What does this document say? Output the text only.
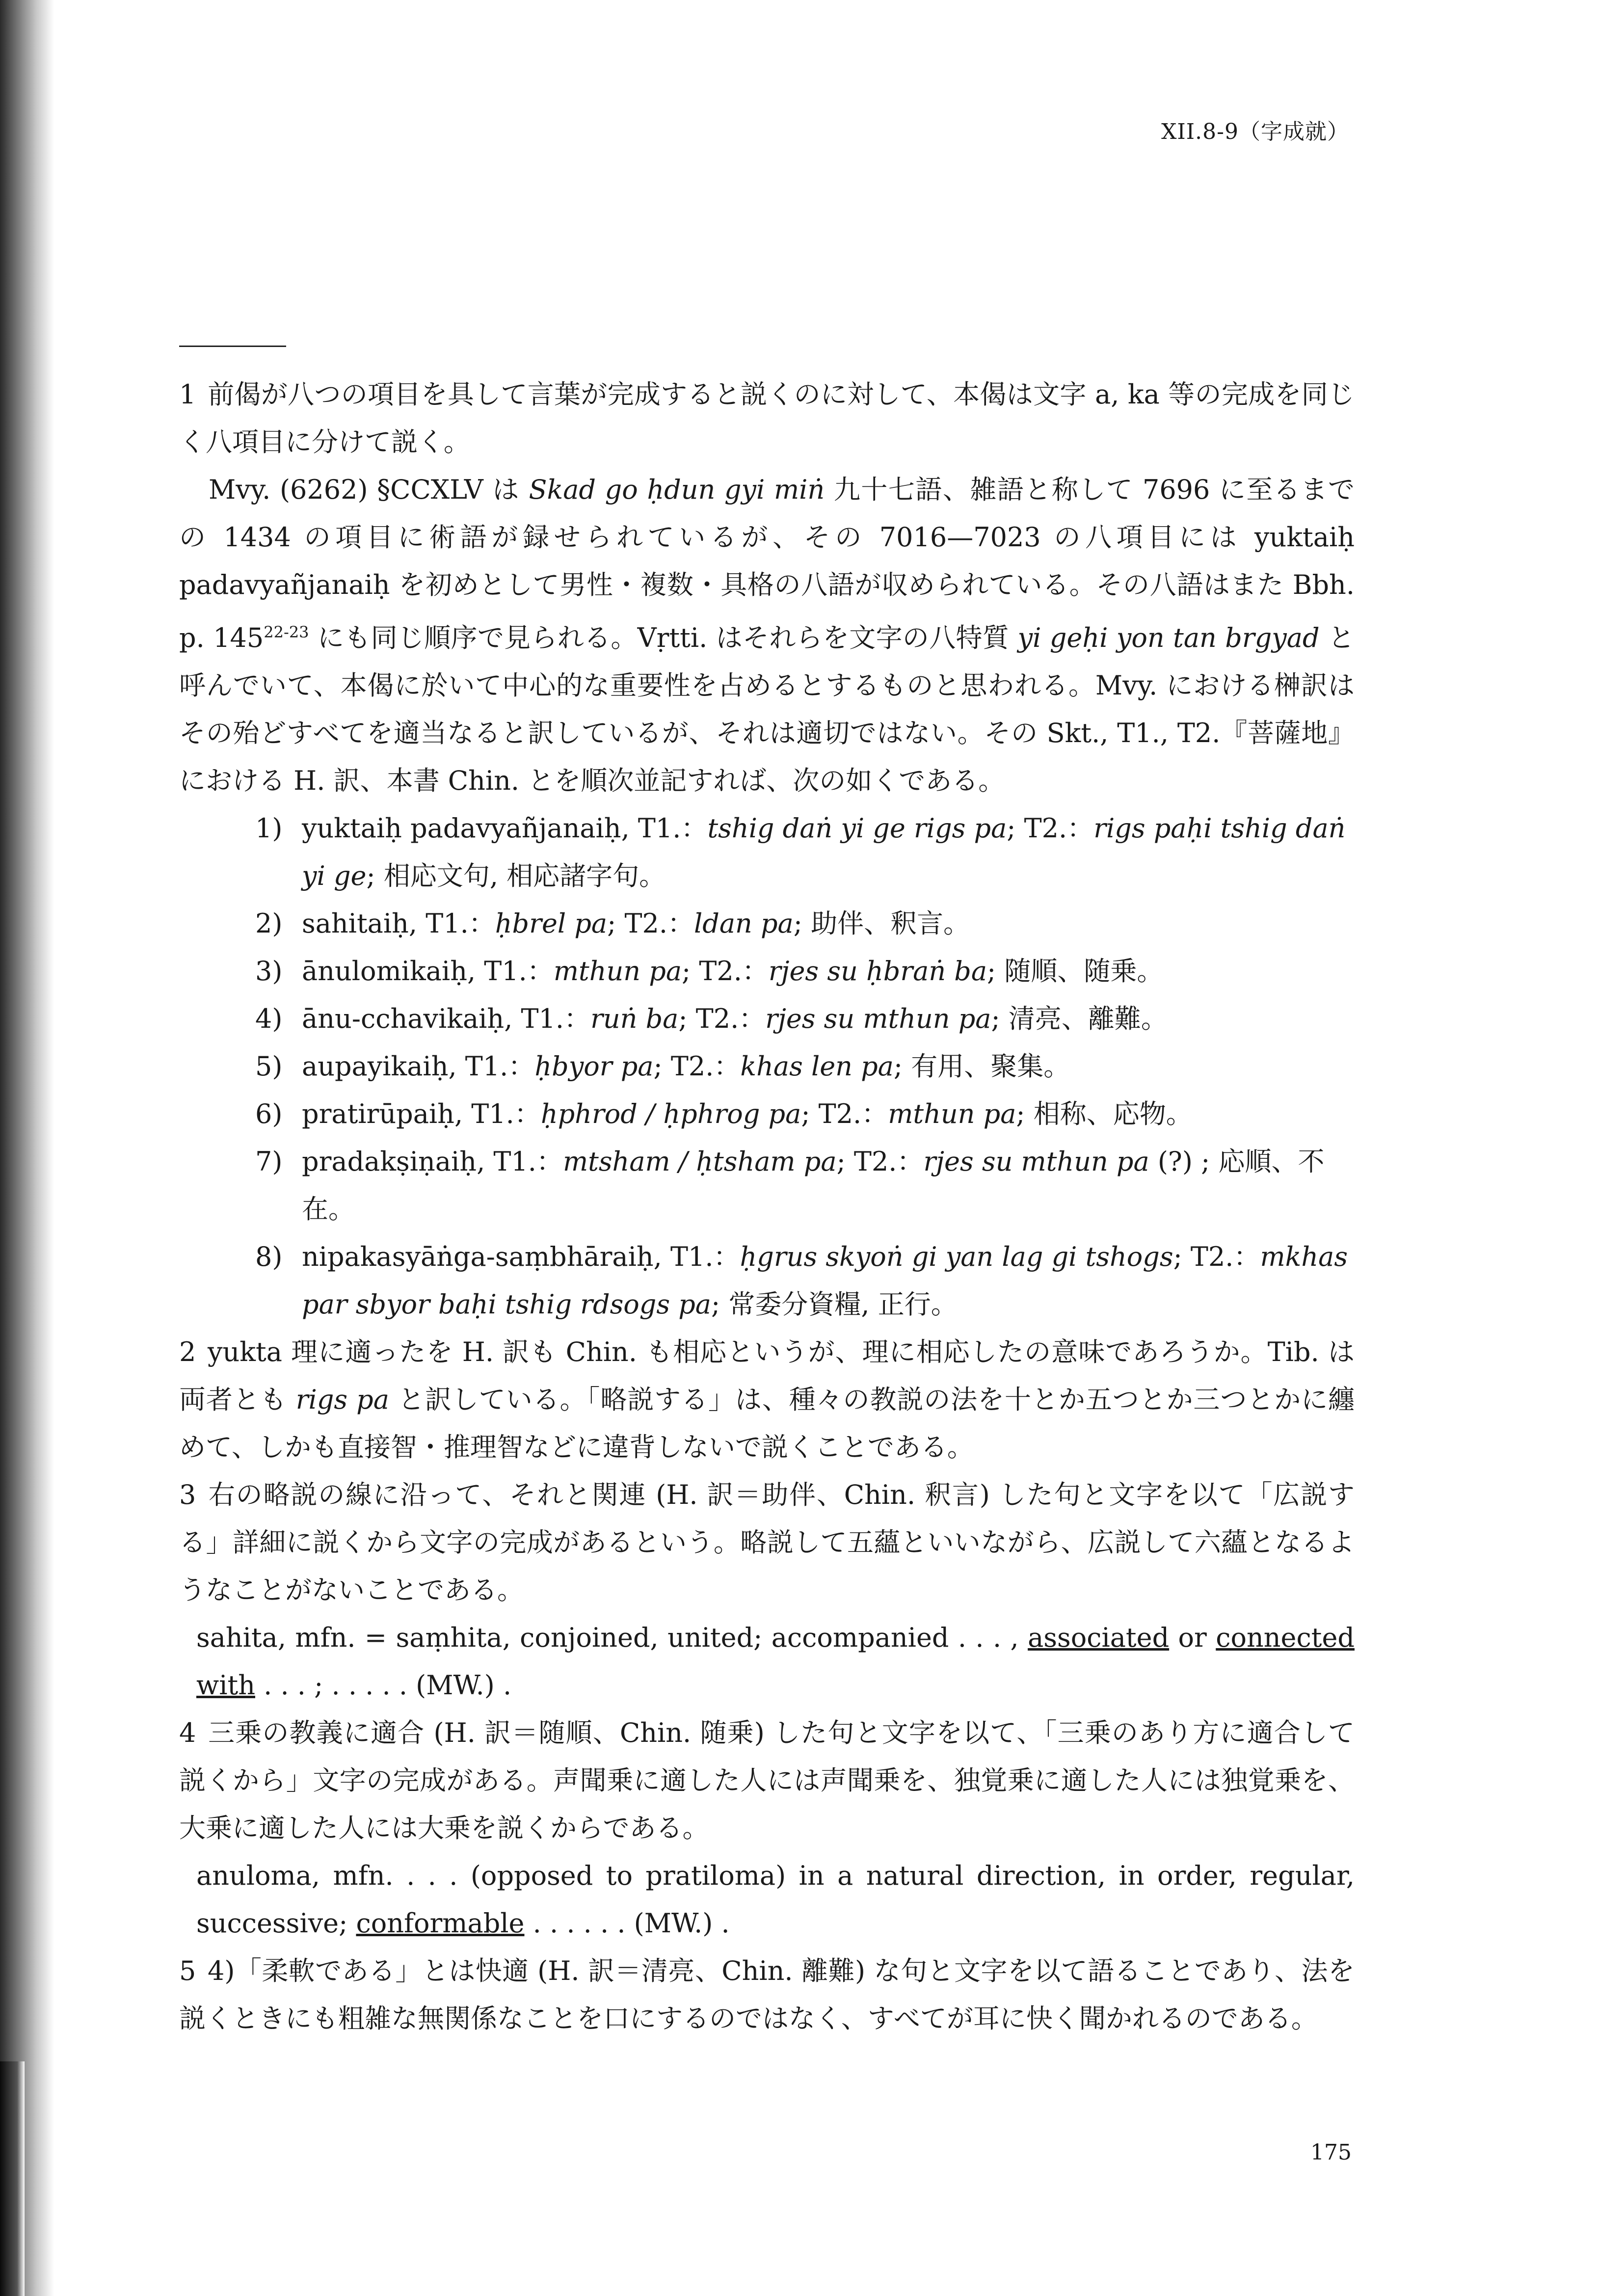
XII.8-9（字成就）

1 前偈が八つの項目を具して言葉が完成すると説くのに対して、本偈は文字 a, ka 等の完成を同じく八項目に分けて説く。

Mvy. (6262) §CCXLV は Skad go ḥdun gyi miṅ 九十七語、雑語と称して 7696 に至るまでの 1434 の項目に術語が録せられているが、その 7016—7023 の八項目には yuktaiḥ padavyañjanaiḥ を初めとして男性・複数・具格の八語が収められている。その八語はまた Bbh. p. 145$^{22-23}$ にも同じ順序で見られる。Vṛtti. はそれらを文字の八特質 yi geḥi yon tan brgyad と呼んでいて、本偈に於いて中心的な重要性を占めるとするものと思われる。Mvy. における榊訳はその殆どすべてを適当なると訳しているが、それは適切ではない。その Skt., T1., T2.『菩薩地』における H. 訳、本書 Chin. とを順次並記すれば、次の如くである。

1) yuktaiḥ padavyañjanaiḥ, T1.：tshig daṅ yi ge rigs pa; T2.：rigs paḥi tshig daṅ yi ge; 相応文句, 相応諸字句。
2) sahitaiḥ, T1.：ḥbrel pa; T2.：ldan pa; 助伴、釈言。
3) ānulomikaiḥ, T1.：mthun pa; T2.：rjes su ḥbraṅ ba; 随順、随乗。
4) ānu-cchavikaiḥ, T1.：ruṅ ba; T2.：rjes su mthun pa; 清亮、離難。
5) aupayikaiḥ, T1.：ḥbyor pa; T2.：khas len pa; 有用、聚集。
6) pratirūpaiḥ, T1.：ḥphrod / ḥphrog pa; T2.：mthun pa; 相称、応物。
7) pradakṣiṇaiḥ, T1.：mtsham / ḥtsham pa; T2.：rjes su mthun pa (?) ; 応順、不在。
8) nipakasyāṅga-saṃbhāraiḥ, T1.：ḥgrus skyoṅ gi yan lag gi tshogs; T2.：mkhas par sbyor baḥi tshig rdsogs pa; 常委分資糧, 正行。

2 yukta 理に適ったを H. 訳も Chin. も相応というが、理に相応したの意味であろうか。Tib. は両者とも rigs pa と訳している。「略説する」は、種々の教説の法を十とか五つとか三つとかに纏めて、しかも直接智・推理智などに違背しないで説くことである。

3 右の略説の線に沿って、それと関連 (H. 訳＝助伴、Chin. 釈言) した句と文字を以て「広説する」詳細に説くから文字の完成があるという。略説して五蘊といいながら、広説して六蘊となるようなことがないことである。

sahita, mfn. = saṃhita, conjoined, united; accompanied . . . , associated or connected with . . . ; . . . . . (MW.) .

4 三乗の教義に適合 (H. 訳＝随順、Chin. 随乗) した句と文字を以て、「三乗のあり方に適合して説くから」文字の完成がある。声聞乗に適した人には声聞乗を、独覚乗に適した人には独覚乗を、大乗に適した人には大乗を説くからである。

anuloma, mfn. . . . (opposed to pratiloma) in a natural direction, in order, regular, successive; conformable . . . . . . (MW.) .

5 4)「柔軟である」とは快適 (H. 訳＝清亮、Chin. 離難) な句と文字を以て語ることであり、法を説くときにも粗雑な無関係なことを口にするのではなく、すべてが耳に快く聞かれるのである。

175
